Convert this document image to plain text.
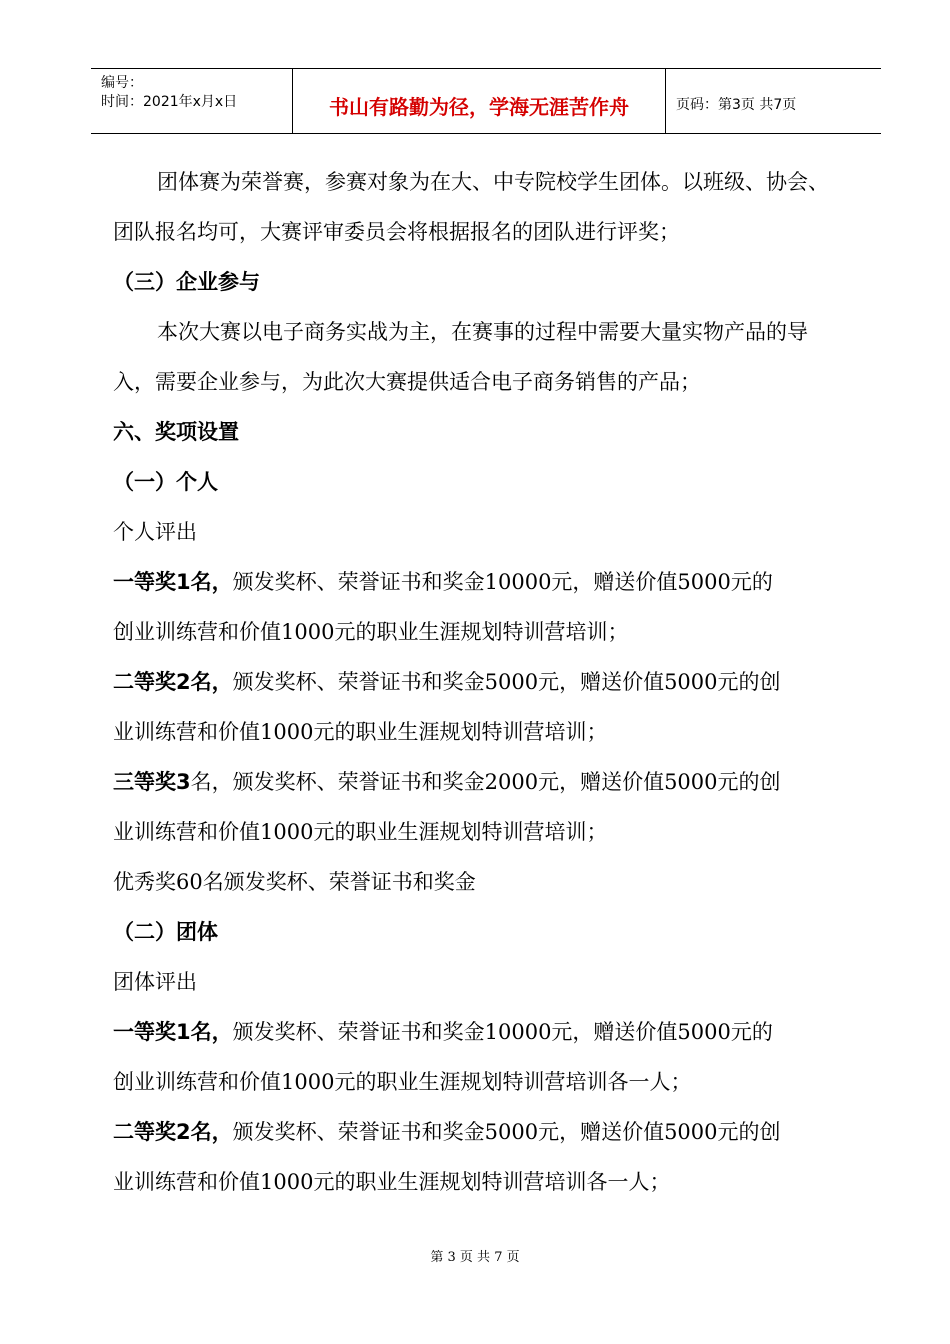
编号：
时间：2021年x月x日	书山有路勤为径，学海无涯苦作舟	页码：第3页 共7页
团体赛为荣誉赛，参赛对象为在大、中专院校学生团体。以班级、协会、
团队报名均可，大赛评审委员会将根据报名的团队进行评奖；
（三）企业参与
本次大赛以电子商务实战为主，在赛事的过程中需要大量实物产品的导
入，需要企业参与，为此次大赛提供适合电子商务销售的产品；
六、奖项设置
（一）个人
个人评出
一等奖1名，颁发奖杯、荣誉证书和奖金10000元，赠送价值5000元的
创业训练营和价值1000元的职业生涯规划特训营培训；
二等奖2名，颁发奖杯、荣誉证书和奖金5000元，赠送价值5000元的创
业训练营和价值1000元的职业生涯规划特训营培训；
三等奖3名，颁发奖杯、荣誉证书和奖金2000元，赠送价值5000元的创
业训练营和价值1000元的职业生涯规划特训营培训；
优秀奖60名颁发奖杯、荣誉证书和奖金
（二）团体
团体评出
一等奖1名，颁发奖杯、荣誉证书和奖金10000元，赠送价值5000元的
创业训练营和价值1000元的职业生涯规划特训营培训各一人；
二等奖2名，颁发奖杯、荣誉证书和奖金5000元，赠送价值5000元的创
业训练营和价值1000元的职业生涯规划特训营培训各一人；
第 3 页 共 7 页
